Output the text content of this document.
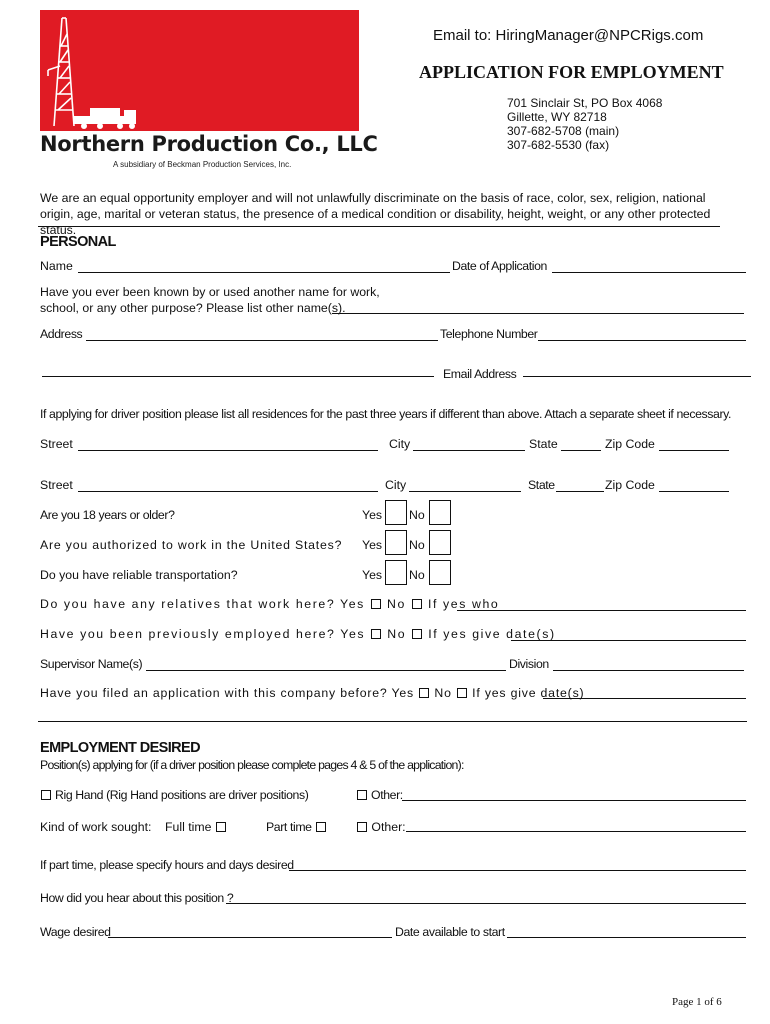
Northern Production Co., LLC
A subsidiary of Beckman Production Services, Inc.
Email to: HiringManager@NPCRigs.com
APPLICATION FOR EMPLOYMENT
701 Sinclair St, PO Box 4068
Gillette, WY 82718
307-682-5708 (main)
307-682-5530 (fax)
We are an equal opportunity employer and will not unlawfully discriminate on the basis of race, color, sex, religion, national origin, age, marital or veteran status, the presence of a medical condition or disability, height, weight, or any other protected status.
PERSONAL
Name	Date of Application
Have you ever been known by or used another name for work,
school, or any other purpose? Please list other name(s).
Address	Telephone Number
Email Address
If applying for driver position please list all residences for the past three years if different than above. Attach a separate sheet if necessary.
Street	City	State	Zip Code
Street	City	State	Zip Code
Are you 18 years or older?	Yes No
Are you authorized to work in the United States? Yes No
Do you have reliable transportation?	Yes No
Do you have any relatives that work here? Yes No If yes who
Have you been previously employed here? Yes No If yes give date(s)
Supervisor Name(s)	Division
Have you filed an application with this company before? Yes No If yes give date(s)
EMPLOYMENT DESIRED
Position(s) applying for (if a driver position please complete pages 4 & 5 of the application):
Rig Hand (Rig Hand positions are driver positions)	Other:
Kind of work sought: Full time	Part time	Other:
If part time, please specify hours and days desired
How did you hear about this position ?
Wage desired	Date available to start
Page 1 of 6
